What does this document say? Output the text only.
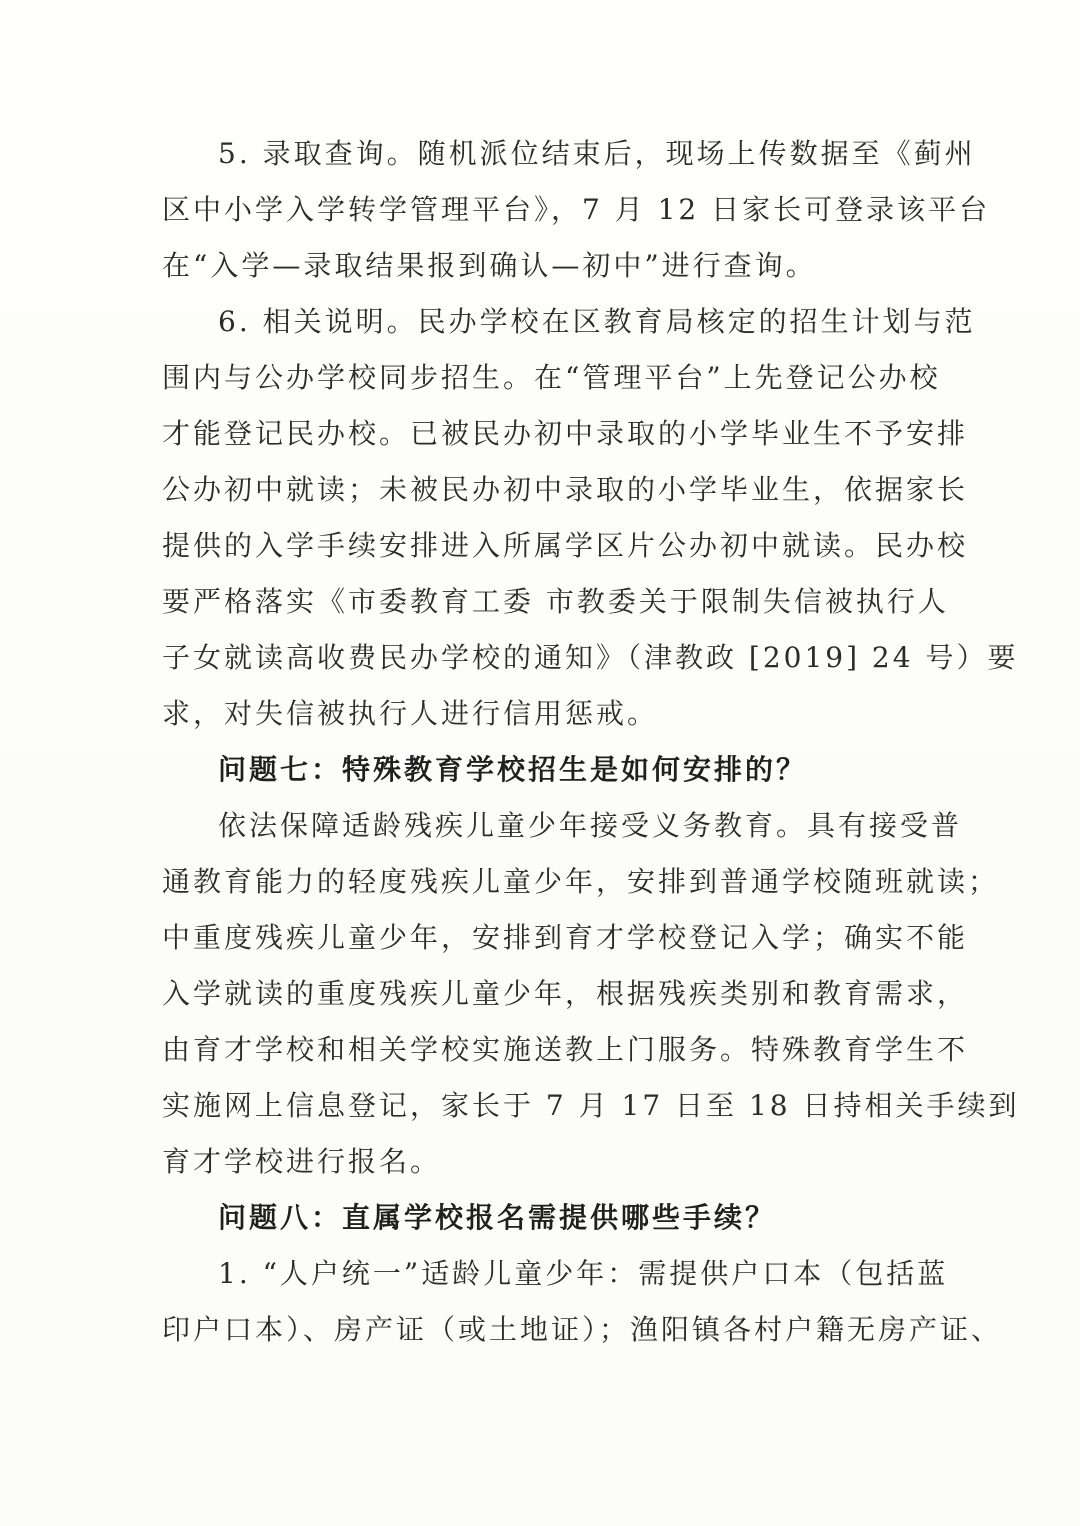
5. 录取查询。随机派位结束后，现场上传数据至《蓟州
区中小学入学转学管理平台》，7 月 12 日家长可登录该平台
在“入学—录取结果报到确认—初中”进行查询。
6. 相关说明。民办学校在区教育局核定的招生计划与范
围内与公办学校同步招生。在“管理平台”上先登记公办校
才能登记民办校。已被民办初中录取的小学毕业生不予安排
公办初中就读；未被民办初中录取的小学毕业生，依据家长
提供的入学手续安排进入所属学区片公办初中就读。民办校
要严格落实《市委教育工委 市教委关于限制失信被执行人
子女就读高收费民办学校的通知》（津教政 [2019] 24 号）要
求，对失信被执行人进行信用惩戒。
问题七：特殊教育学校招生是如何安排的？
依法保障适龄残疾儿童少年接受义务教育。具有接受普
通教育能力的轻度残疾儿童少年，安排到普通学校随班就读；
中重度残疾儿童少年，安排到育才学校登记入学；确实不能
入学就读的重度残疾儿童少年，根据残疾类别和教育需求，
由育才学校和相关学校实施送教上门服务。特殊教育学生不
实施网上信息登记，家长于 7 月 17 日至 18 日持相关手续到
育才学校进行报名。
问题八：直属学校报名需提供哪些手续？
1. “人户统一”适龄儿童少年：需提供户口本（包括蓝
印户口本）、房产证（或土地证）；渔阳镇各村户籍无房产证、
